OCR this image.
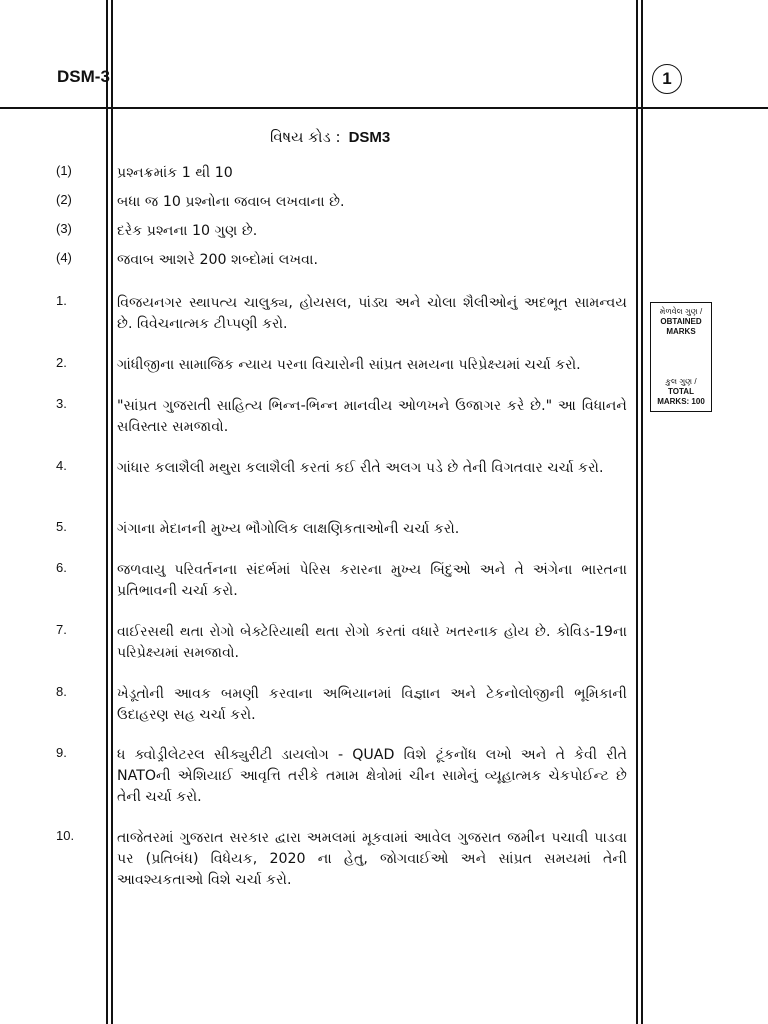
DSM-3	1
વિષય કોડ : DSM3
(1)	પ્રશ્નક્રમાંક 1 થી 10
(2)	બધા જ 10 પ્રશ્નોના જવાબ લખવાના છે.
(3)	દરેક પ્રશ્નના 10 ગુણ છે.
(4)	જવાબ આશરે 200 શબ્દોમાં લખવા.
1.	વિજયનગર સ્થાપત્ય ચાલુક્ય, હોયસલ, પાંડ્ય અને ચોલા શૈલીઓનું અદભૂત સામન્વય છે. વિવેચનાત્મક ટીપ્પણી કરો.
2.	ગાંધીજીના સામાજિક ન્યાય પરના વિચારોની સાંપ્રત સમયના પરિપ્રેક્ષ્યમાં ચર્ચા કરો.
3.	"સાંપ્રત ગુજરાતી સાહિત્ય ભિન્ન-ભિન્ન માનવીય ઓળખને ઉજાગર કરે છે." આ વિધાનને સવિસ્તાર સમજાવો.
4.	ગાંધાર કલાશૈલી મથુરા કલાશૈલી કરતાં કઈ રીતે અલગ પડે છે તેની વિગતવાર ચર્ચા કરો.
5.	ગંગાના મેદાનની મુખ્ય ભૌગોલિક લાક્ષણિકતાઓની ચર્ચા કરો.
6.	જળવાયુ પરિવર્તનના સંદર્ભમાં પેરિસ કરારના મુખ્ય બિંદુઓ અને તે અંગેના ભારતના પ્રતિભાવની ચર્ચા કરો.
7.	વાઈરસથી થતા રોગો બેક્ટેરિયાથી થતા રોગો કરતાં વધારે ખતરનાક હોય છે. કોવિડ-19ના પરિપ્રેક્ષ્યમાં સમજાવો.
8.	ખેડૂતોની આવક બમણી કરવાના અભિયાનમાં વિજ્ઞાન અને ટેકનોલોજીની ભૂમિકાની ઉદાહરણ સહ ચર્ચા કરો.
9.	ધ ક્વોડ્રીલેટરલ સીક્યુરીટી ડાયલોગ - QUAD વિશે ટૂંકનોંધ લખો અને તે કેવી રીતે NATOની એશિયાઈ આવૃત્તિ તરીકે તમામ ક્ષેત્રોમાં ચીન સામેનું વ્યૂહાત્મક ચેકપોઈન્ટ છે તેની ચર્ચા કરો.
10.	તાજેતરમાં ગુજરાત સરકાર દ્વારા અમલમાં મૂકવામાં આવેલ ગુજરાત જમીન પચાવી પાડવા પર (પ્રતિબંધ) વિધેયક, 2020 ના હેતુ, જોગવાઈઓ અને સાંપ્રત સમયમાં તેની આવશ્યકતાઓ વિશે ચર્ચા કરો.
મેળવેલ ગુણ /
OBTAINED
MARKS
કુલ ગુણ /
TOTAL
MARKS: 100
